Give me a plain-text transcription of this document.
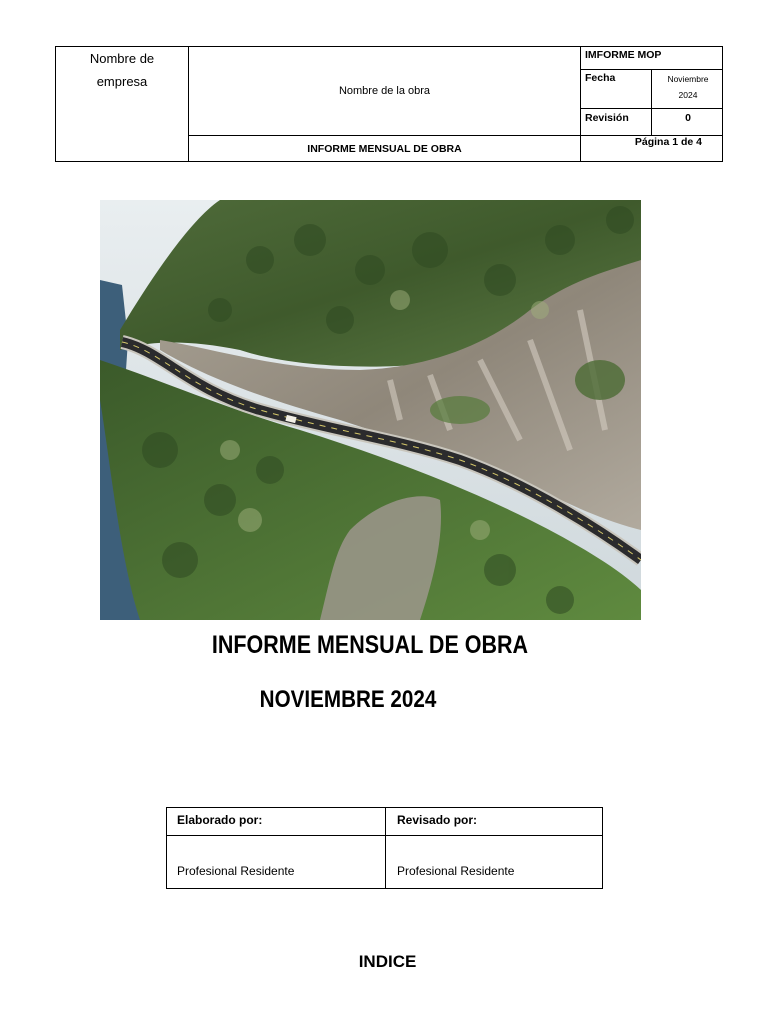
Nombre de empresa
Nombre de la obra
INFORME MENSUAL DE OBRA
IMFORME MOP
Fecha	Noviembre
2024
Revisión	0
Página 1 de 4
INFORME MENSUAL DE OBRA
NOVIEMBRE 2024
Elaborado por:	Revisado por:
Profesional Residente	Profesional Residente
INDICE
